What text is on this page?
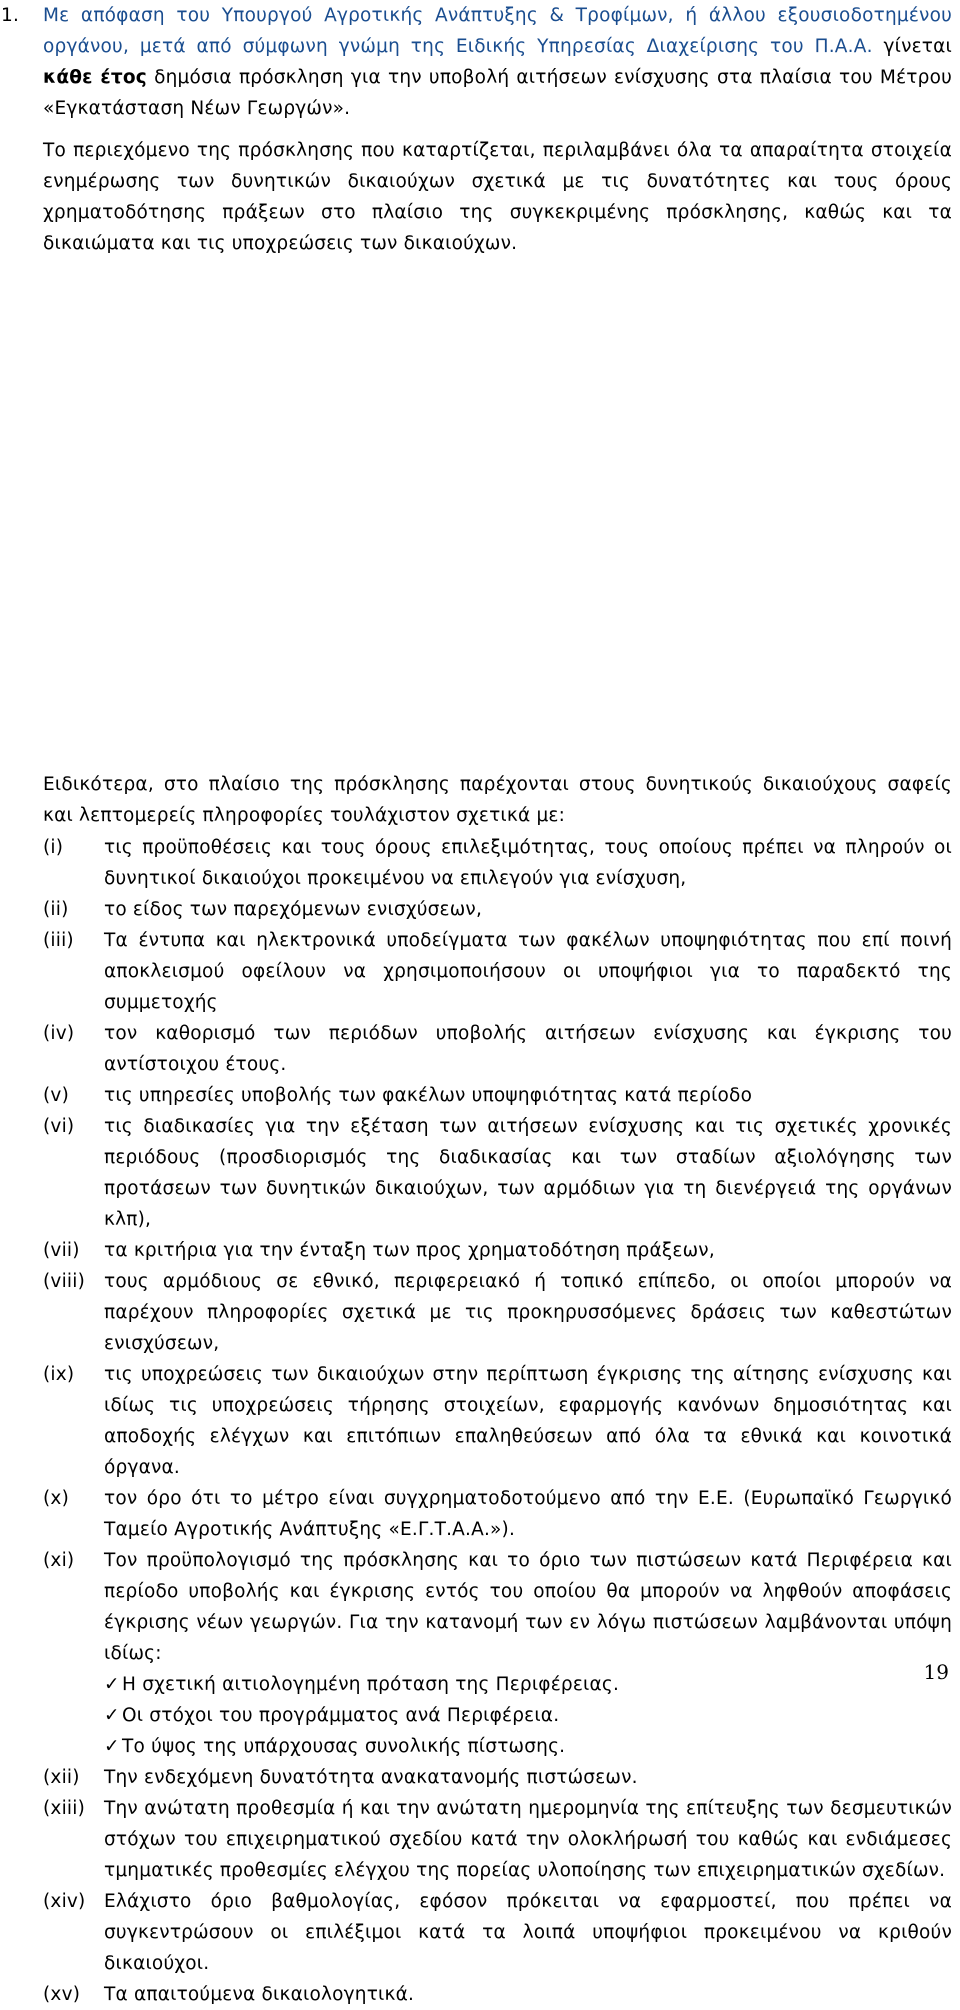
1. Με απόφαση του Υπουργού Αγροτικής Ανάπτυξης & Τροφίμων, ή άλλου εξουσιοδοτημένου οργάνου, μετά από σύμφωνη γνώμη της Ειδικής Υπηρεσίας Διαχείρισης του Π.Α.Α. γίνεται κάθε έτος δημόσια πρόσκληση για την υποβολή αιτήσεων ενίσχυσης στα πλαίσια του Μέτρου «Εγκατάσταση Νέων Γεωργών».

Το περιεχόμενο της πρόσκλησης που καταρτίζεται, περιλαμβάνει όλα τα απαραίτητα στοιχεία ενημέρωσης των δυνητικών δικαιούχων σχετικά με τις δυνατότητες και τους όρους χρηματοδότησης πράξεων στο πλαίσιο της συγκεκριμένης πρόσκλησης, καθώς και τα δικαιώματα και τις υποχρεώσεις των δικαιούχων.

Ειδικότερα, στο πλαίσιο της πρόσκλησης παρέχονται στους δυνητικούς δικαιούχους σαφείς και λεπτομερείς πληροφορίες τουλάχιστον σχετικά με:

(i)	τις προϋποθέσεις και τους όρους επιλεξιμότητας, τους οποίους πρέπει να πληρούν οι δυνητικοί δικαιούχοι προκειμένου να επιλεγούν για ενίσχυση,
(ii)	το είδος των παρεχόμενων ενισχύσεων,
(iii)	Τα έντυπα και ηλεκτρονικά υποδείγματα των φακέλων υποψηφιότητας που επί ποινή αποκλεισμού οφείλουν να χρησιμοποιήσουν οι υποψήφιοι για το παραδεκτό της συμμετοχής
(iv)	τον καθορισμό των περιόδων υποβολής αιτήσεων ενίσχυσης και έγκρισης του αντίστοιχου έτους.
(v)	τις υπηρεσίες υποβολής των φακέλων υποψηφιότητας κατά περίοδο
(vi)	τις διαδικασίες για την εξέταση των αιτήσεων ενίσχυσης και τις σχετικές χρονικές περιόδους (προσδιορισμός της διαδικασίας και των σταδίων αξιολόγησης των προτάσεων των δυνητικών δικαιούχων, των αρμόδιων για τη διενέργειά της οργάνων κλπ),
(vii)	τα κριτήρια για την ένταξη των προς χρηματοδότηση πράξεων,
(viii)	τους αρμόδιους σε εθνικό, περιφερειακό ή τοπικό επίπεδο, οι οποίοι μπορούν να παρέχουν πληροφορίες σχετικά με τις προκηρυσσόμενες δράσεις των καθεστώτων ενισχύσεων,
(ix)	τις υποχρεώσεις των δικαιούχων στην περίπτωση έγκρισης της αίτησης ενίσχυσης και ιδίως τις υποχρεώσεις τήρησης στοιχείων, εφαρμογής κανόνων δημοσιότητας και αποδοχής ελέγχων και επιτόπιων επαληθεύσεων από όλα τα εθνικά και κοινοτικά όργανα.
(x)	τον όρο ότι το μέτρο είναι συγχρηματοδοτούμενο από την Ε.Ε. (Ευρωπαϊκό Γεωργικό Ταμείο Αγροτικής Ανάπτυξης «Ε.Γ.Τ.Α.Α.»).
(xi)	Τον προϋπολογισμό της πρόσκλησης και το όριο των πιστώσεων κατά Περιφέρεια και περίοδο υποβολής και έγκρισης εντός του οποίου θα μπορούν να ληφθούν αποφάσεις έγκρισης νέων γεωργών. Για την κατανομή των εν λόγω πιστώσεων λαμβάνονται υπόψη ιδίως:
✓ Η σχετική αιτιολογημένη πρόταση της Περιφέρειας.
✓ Οι στόχοι του προγράμματος ανά Περιφέρεια.
✓ Το ύψος της υπάρχουσας συνολικής πίστωσης.
(xii)	Την ενδεχόμενη δυνατότητα ανακατανομής πιστώσεων.
(xiii)	Την ανώτατη προθεσμία ή και την ανώτατη ημερομηνία της επίτευξης των δεσμευτικών στόχων του επιχειρηματικού σχεδίου κατά την ολοκλήρωσή του καθώς και ενδιάμεσες τμηματικές προθεσμίες ελέγχου της πορείας υλοποίησης των επιχειρηματικών σχεδίων.
(xiv)	Ελάχιστο όριο βαθμολογίας, εφόσον πρόκειται να εφαρμοστεί, που πρέπει να συγκεντρώσουν οι επιλέξιμοι κατά τα λοιπά υποψήφιοι προκειμένου να κριθούν δικαιούχοι.
(xv)	Τα απαιτούμενα δικαιολογητικά.
19
